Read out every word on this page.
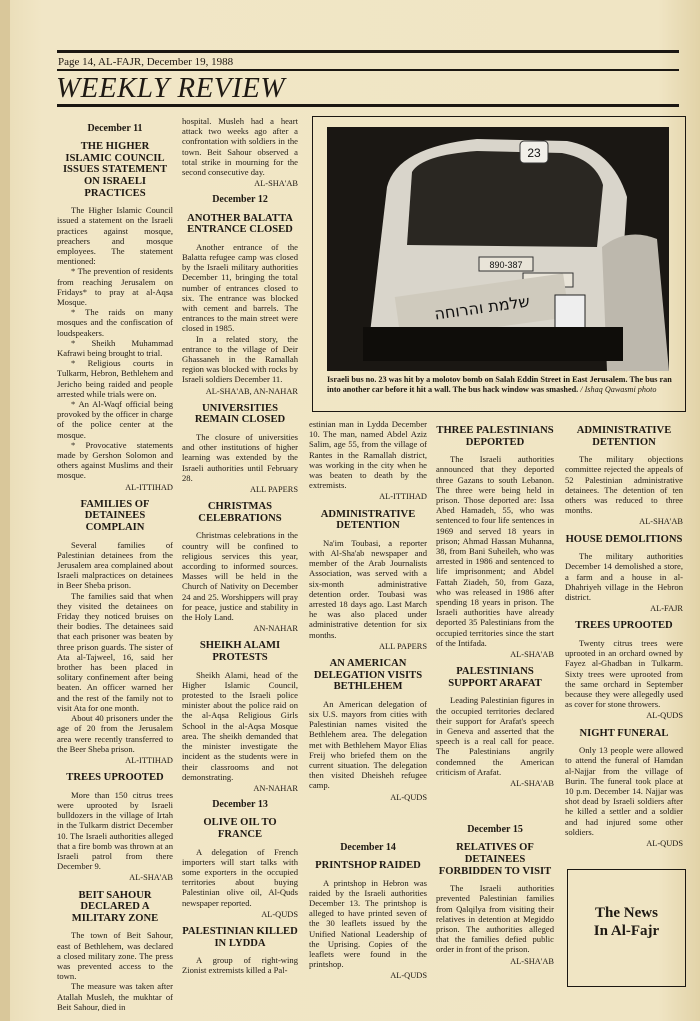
Page 14, AL-FAJR, December 19, 1988
WEEKLY REVIEW
December 11
THE HIGHER ISLAMIC COUNCIL ISSUES STATEMENT ON ISRAELI PRACTICES

The Higher Islamic Council issued a statement on the Israeli practices against mosque, preachers and mosque employees. The statement mentioned:

* The prevention of residents from reaching Jerusalem on Fridays* to pray at al-Aqsa Mosque.

* The raids on many mosques and the confiscation of loudspeakers.

* Sheikh Muhammad Kafrawi being brought to trial.

* Religious courts in Tulkarm, Hebron, Bethlehem and Jericho being raided and people arrested while trials were on.

* An Al-Waqf official being provoked by the officer in charge of the police center at the mosque.

* Provocative statements made by Gershon Solomon and others against Muslims and their mosque.

AL-ITTIHAD
FAMILIES OF DETAINEES COMPLAIN

Several families of Palestinian detainees from the Jerusalem area complained about Israeli malpractices on detainees in Beer Sheba prison.

The families said that when they visited the detainees on Friday they noticed bruises on their bodies. The detainees said that each prisoner was beaten by three prison guards. The sister of Ata al-Tajweel, 16, said her brother has been placed in solitary confinement after being beaten. An officer warned her and the rest of the family not to visit Ata for one month.

About 40 prisoners under the age of 20 from the Jerusalem area were recently transferred to the Beer Sheba prison.

AL-ITTIHAD
TREES UPROOTED

More than 150 citrus trees were uprooted by Israeli bulldozers in the village of Irtah in the Tulkarm district December 10. The Israeli authorities alleged that a fire bomb was thrown at an Israeli patrol from there December 9.

AL-SHA'AB
BEIT SAHOUR DECLARED A MILITARY ZONE

The town of Beit Sahour, east of Bethlehem, was declared a closed military zone. The press was prevented access to the town.

The measure was taken after Atallah Musleh, the mukhtar of Beit Sahour, died in

hospital. Musleh had a heart attack two weeks ago after a confrontation with soldiers in the town. Beit Sahour observed a total strike in mourning for the second consecutive day.

AL-SHA'AB
December 12
ANOTHER BALATTA ENTRANCE CLOSED

Another entrance of the Balatta refugee camp was closed by the Israeli military authorities December 11, bringing the total number of entrances closed to six. The entrance was blocked with cement and barrels. The entrances to the main street were closed in 1985.

In a related story, the entrance to the village of Deir Ghassaneh in the Ramallah region was blocked with rocks by Israeli soldiers December 11.

AL-SHA'AB, AN-NAHAR
UNIVERSITIES REMAIN CLOSED

The closure of universities and other institutions of higher learning was extended by the Israeli authorities until February 28.

ALL PAPERS
CHRISTMAS CELEBRATIONS

Christmas celebrations in the country will be confined to religious services this year, according to informed sources. Masses will be held in the Church of Nativity on December 24 and 25. Worshippers will pray for peace, justice and stability in the Holy Land.

AN-NAHAR
SHEIKH ALAMI PROTESTS

Sheikh Alami, head of the Higher Islamic Council, protested to the Israeli police minister about the police raid on the al-Aqsa Religious Girls School in the al-Aqsa Mosque area. The sheikh demanded that the minister investigate the incident as the students were in their classrooms and not demonstrating.

AN-NAHAR
December 13
OLIVE OIL TO FRANCE

A delegation of French importers will start talks with some exporters in the occupied territories about buying Palestinian olive oil, Al-Quds newspaper reported.

AL-QUDS
PALESTINIAN KILLED IN LYDDA

A group of right-wing Zionist extremists killed a Pal-

23
890-387
שלמת והרוחה
Israeli bus no. 23 was hit by a molotov bomb on Salah Eddin Street in East Jerusalem. The bus ran into another car before it hit a wall. The bus hack window was smashed. / Ishaq Qawasmi photo

estinian man in Lydda December 10. The man, named Abdel Aziz Salim, age 55, from the village of Rantes in the Ramallah district, was working in the city when he was beaten to death by the extremists.

AL-ITTIHAD
ADMINISTRATIVE DETENTION

Na'im Toubasi, a reporter with Al-Sha'ab newspaper and member of the Arab Journalists Association, was served with a six-month administrative detention order. Toubasi was arrested 18 days ago. Last March he was also placed under administrative detention for six months.

ALL PAPERS
AN AMERICAN DELEGATION VISITS BETHLEHEM

An American delegation of six U.S. mayors from cities with Palestinian names visited the Bethlehem area. The delegation met with Bethlehem Mayor Elias Freij who briefed them on the current situation. The delegation then visited Dheisheh refugee camp.

AL-QUDS
December 14
PRINTSHOP RAIDED

A printshop in Hebron was raided by the Israeli authorities December 13. The printshop is alleged to have printed seven of the 30 leaflets issued by the Unified National Leadership of the Uprising. Copies of the leaflets were found in the printshop.

AL-QUDS
THREE PALESTINIANS DEPORTED

The Israeli authorities announced that they deported three Gazans to south Lebanon. The three were being held in prison. Those deported are: Issa Abed Hamadeh, 55, who was sentenced to four life sentences in 1969 and served 18 years in prison; Ahmad Hassan Muhanna, 38, from Bani Suheileh, who was arrested in 1986 and sentenced to life imprisonment; and Abdel Fattah Ziadeh, 50, from Gaza, who was released in 1986 after spending 18 years in prison. The Israeli authorities have already deported 35 Palestinians from the occupied territories since the start of the Intifada.

AL-SHA'AB
PALESTINIANS SUPPORT ARAFAT

Leading Palestinian figures in the occupied territories declared their support for Arafat's speech in Geneva and asserted that the speech is a real call for peace. The Palestinians angrily condemned the American criticism of Arafat.

AL-SHA'AB
December 15
RELATIVES OF DETAINEES FORBIDDEN TO VISIT

The Israeli authorities prevented Palestinian families from Qalqilya from visiting their relatives in detention at Megiddo prison. The authorities alleged that the families defied public order in front of the prison.

AL-SHA'AB
ADMINISTRATIVE DETENTION

The military objections committee rejected the appeals of 52 Palestinian administrative detainees. The detention of ten others was reduced to three months.

AL-SHA'AB
HOUSE DEMOLITIONS

The military authorities December 14 demolished a store, a farm and a house in al-Dhahriyeh village in the Hebron district.

AL-FAJR
TREES UPROOTED

Twenty citrus trees were uprooted in an orchard owned by Fayez al-Ghadban in Tulkarm. Sixty trees were uprooted from the same orchard in September because they were allegedly used as cover for stone throwers.

AL-QUDS
NIGHT FUNERAL

Only 13 people were allowed to attend the funeral of Hamdan al-Najjar from the village of Burin. The funeral took place at 10 p.m. December 14. Najjar was shot dead by Israeli soldiers after he killed a settler and a soldier and had injured some other soldiers.

AL-QUDS
The News
In Al-Fajr
